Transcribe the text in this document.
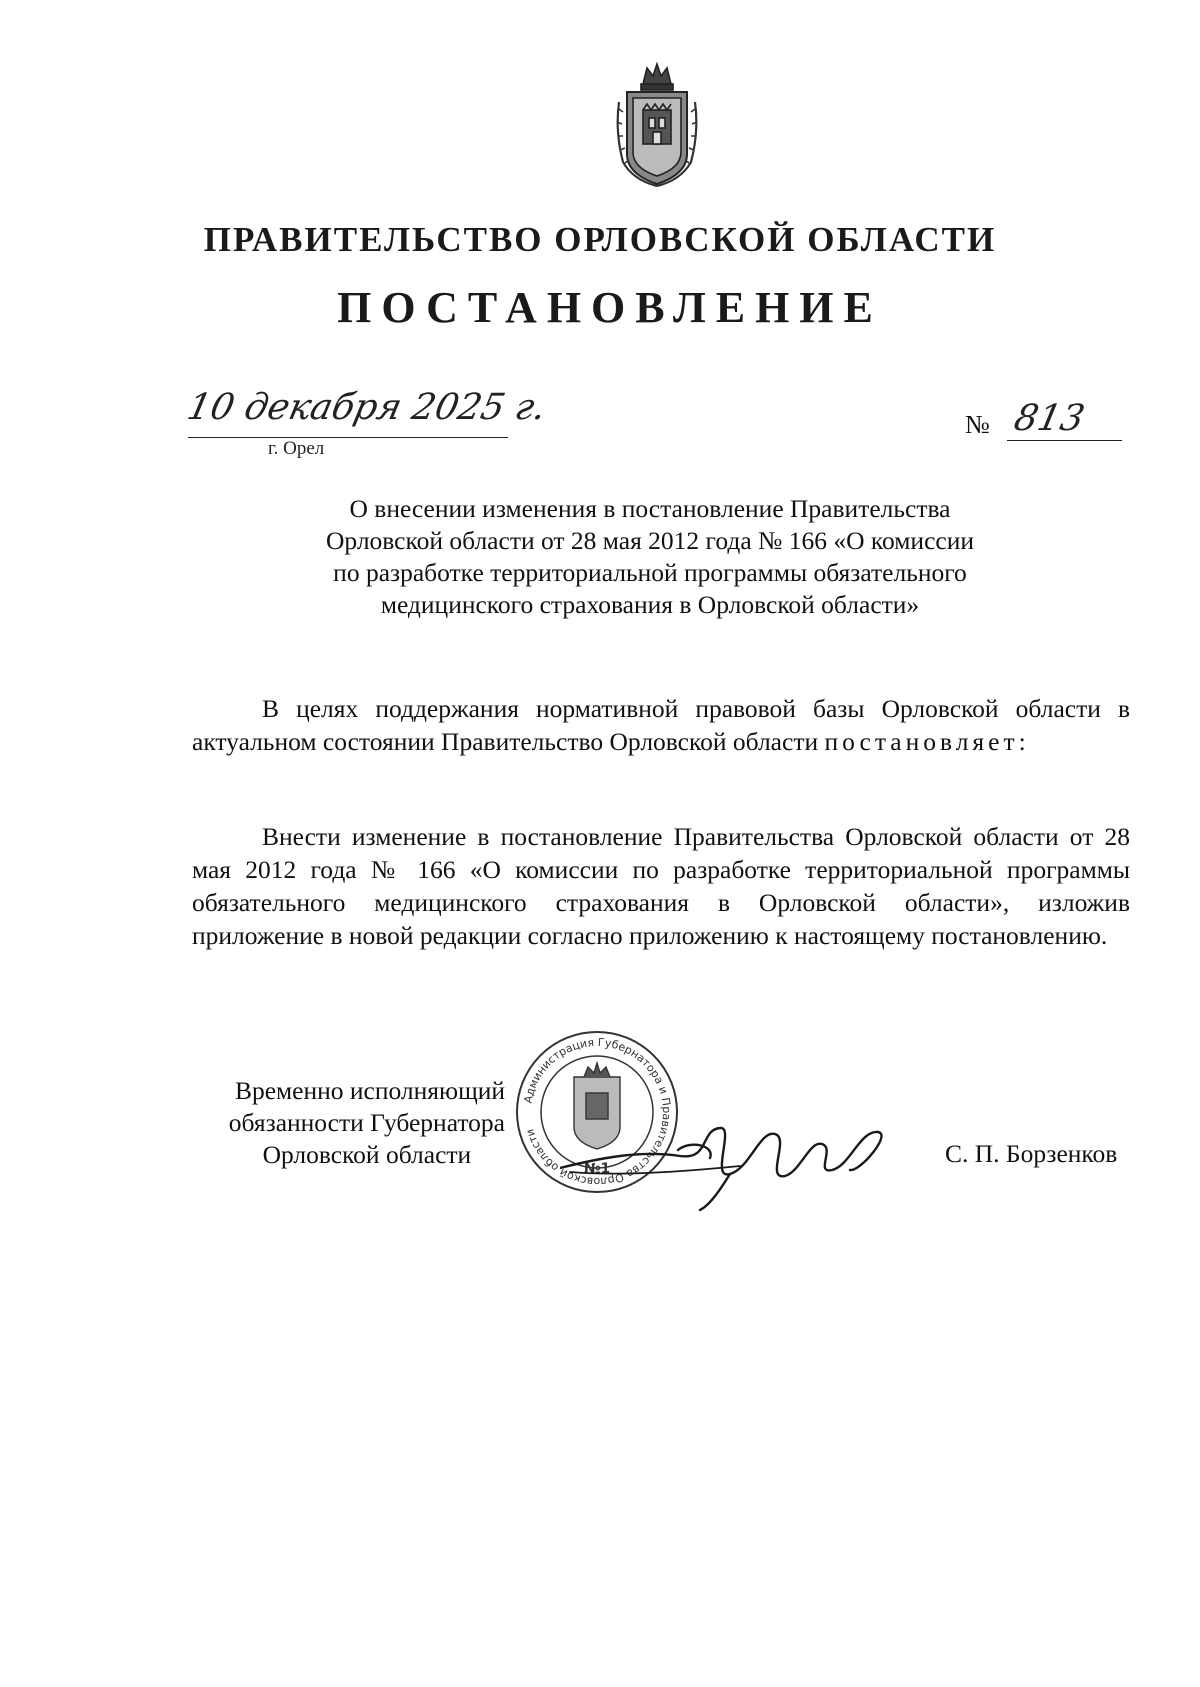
ПРАВИТЕЛЬСТВО ОРЛОВСКОЙ ОБЛАСТИ
ПОСТАНОВЛЕНИЕ
10 декабря 2025 г.
г. Орел
№ 813
О внесении изменения в постановление Правительства
Орловской области от 28 мая 2012 года № 166 «О комиссии
по разработке территориальной программы обязательного
медицинского страхования в Орловской области»
В целях поддержания нормативной правовой базы Орловской области в актуальном состоянии Правительство Орловской области постановляет:
Внести изменение в постановление Правительства Орловской области от 28 мая 2012 года № 166 «О комиссии по разработке территориальной программы обязательного медицинского страхования в Орловской области», изложив приложение в новой редакции согласно приложению к настоящему постановлению.
Временно исполняющий
обязанности Губернатора
Орловской области
Администрация Губернатора и Правительства Орловской области
№1
С. П. Борзенков
